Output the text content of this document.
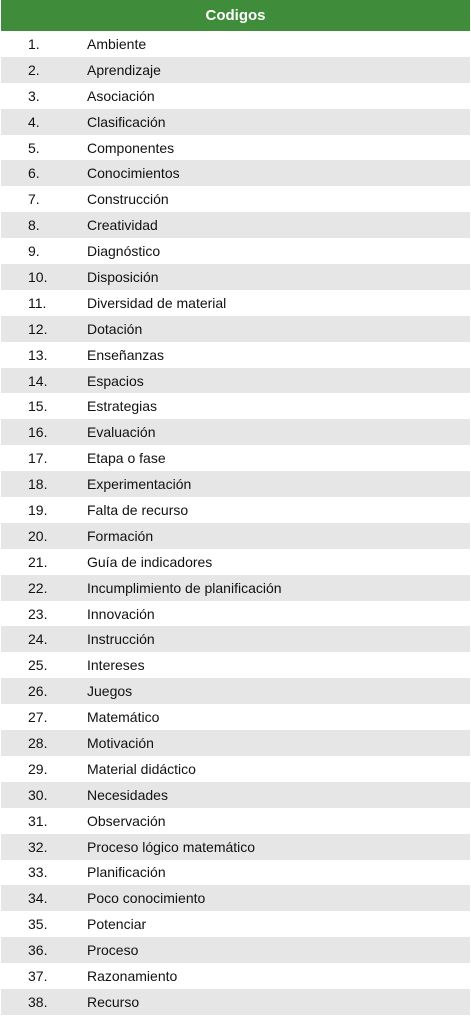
Codigos
1.	Ambiente
2.	Aprendizaje
3.	Asociación
4.	Clasificación
5.	Componentes
6.	Conocimientos
7.	Construcción
8.	Creatividad
9.	Diagnóstico
10.	Disposición
11.	Diversidad de material
12.	Dotación
13.	Enseñanzas
14.	Espacios
15.	Estrategias
16.	Evaluación
17.	Etapa o fase
18.	Experimentación
19.	Falta de recurso
20.	Formación
21.	Guía de indicadores
22.	Incumplimiento de planificación
23.	Innovación
24.	Instrucción
25.	Intereses
26.	Juegos
27.	Matemático
28.	Motivación
29.	Material didáctico
30.	Necesidades
31.	Observación
32.	Proceso lógico matemático
33.	Planificación
34.	Poco conocimiento
35.	Potenciar
36.	Proceso
37.	Razonamiento
38.	Recurso
